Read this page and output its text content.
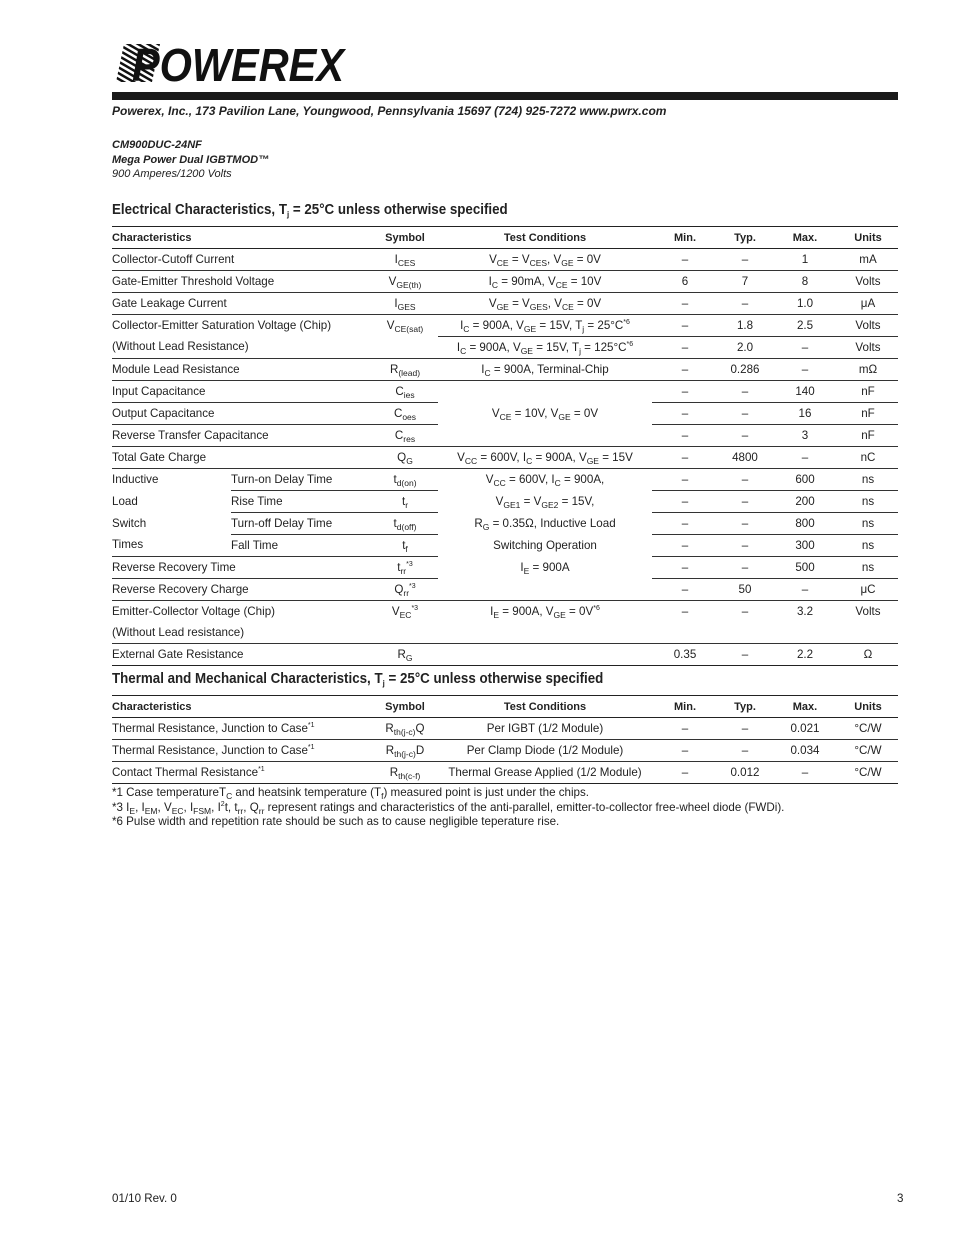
POWEREX
Powerex, Inc., 173 Pavilion Lane, Youngwood, Pennsylvania 15697 (724) 925-7272 www.pwrx.com
CM900DUC-24NF
Mega Power Dual IGBTMOD™
900 Amperes/1200 Volts
Electrical Characteristics, $T_j = 25^\circ C$ unless otherwise specified
Characteristics		Symbol	Test Conditions	Min.	Typ.	Max.	Units
Collector-Cutoff Current		$I_{CES}$	$V_{CE} = V_{CES}$, $V_{GE} = 0V$	–	–	1	mA
Gate-Emitter Threshold Voltage		$V_{GE(th)}$	$I_C = 90mA$, $V_{CE} = 10V$	6	7	8	Volts
Gate Leakage Current		$I_{GES}$	$V_{GE} = V_{GES}$, $V_{CE} = 0V$	–	–	1.0	μA
Collector-Emitter Saturation Voltage (Chip)		$V_{CE(sat)}$	$I_C = 900A$, $V_{GE} = 15V$, $T_j = 25^\circ C^{*6}$	–	1.8	2.5	Volts
(Without Lead Resistance)			$I_C = 900A$, $V_{GE} = 15V$, $T_j = 125^\circ C^{*6}$	–	2.0	–	Volts
Module Lead Resistance		$R_{(lead)}$	$I_C = 900A$, Terminal-Chip	–	0.286	–	mΩ
Input Capacitance		$C_{ies}$	$V_{CE} = 10V$, $V_{GE} = 0V$	–	–	140	nF
Output Capacitance		$C_{oes}$		–	–	16	nF
Reverse Transfer Capacitance		$C_{res}$		–	–	3	nF
Total Gate Charge		$Q_G$	$V_{CC} = 600V$, $I_C = 900A$, $V_{GE} = 15V$	–	4800	–	nC
Inductive	Turn-on Delay Time	$t_{d(on)}$	$V_{CC} = 600V$, $I_C = 900A$,	–	–	600	ns
Load	Rise Time	$t_r$	$V_{GE1} = V_{GE2} = 15V$,	–	–	200	ns
Switch	Turn-off Delay Time	$t_{d(off)}$	$R_G = 0.35\Omega$, Inductive Load	–	–	800	ns
Times	Fall Time	$t_f$	Switching Operation	–	–	300	ns
Reverse Recovery Time		$t_{rr}^{*3}$	$I_E = 900A$	–	–	500	ns
Reverse Recovery Charge		$Q_{rr}^{*3}$		–	50	–	μC
Emitter-Collector Voltage (Chip)		$V_{EC}^{*3}$	$I_E = 900A$, $V_{GE} = 0V^{*6}$	–	–	3.2	Volts
(Without Lead resistance)							
External Gate Resistance		$R_G$		0.35	–	2.2	Ω
Thermal and Mechanical Characteristics, $T_j = 25^\circ C$ unless otherwise specified
Characteristics	Symbol	Test Conditions	Min.	Typ.	Max.	Units
Thermal Resistance, Junction to Case$^{*1}$	$R_{th(j-c)}Q$	Per IGBT (1/2 Module)	–	–	0.021	°C/W
Thermal Resistance, Junction to Case$^{*1}$	$R_{th(j-c)}D$	Per Clamp Diode (1/2 Module)	–	–	0.034	°C/W
Contact Thermal Resistance$^{*1}$	$R_{th(c-f)}$	Thermal Grease Applied (1/2 Module)	–	0.012	–	°C/W
*1 Case temperatureT$_C$ and heatsink temperature $(T_f)$ measured point is just under the chips.
*3 $I_E$, $I_{EM}$, $V_{EC}$, $I_{FSM}$, $I^2t$, $t_{rr}$, $Q_{rr}$ represent ratings and characteristics of the anti-parallel, emitter-to-collector free-wheel diode (FWDi).
*6 Pulse width and repetition rate should be such as to cause negligible teperature rise.
01/10 Rev. 0	3
